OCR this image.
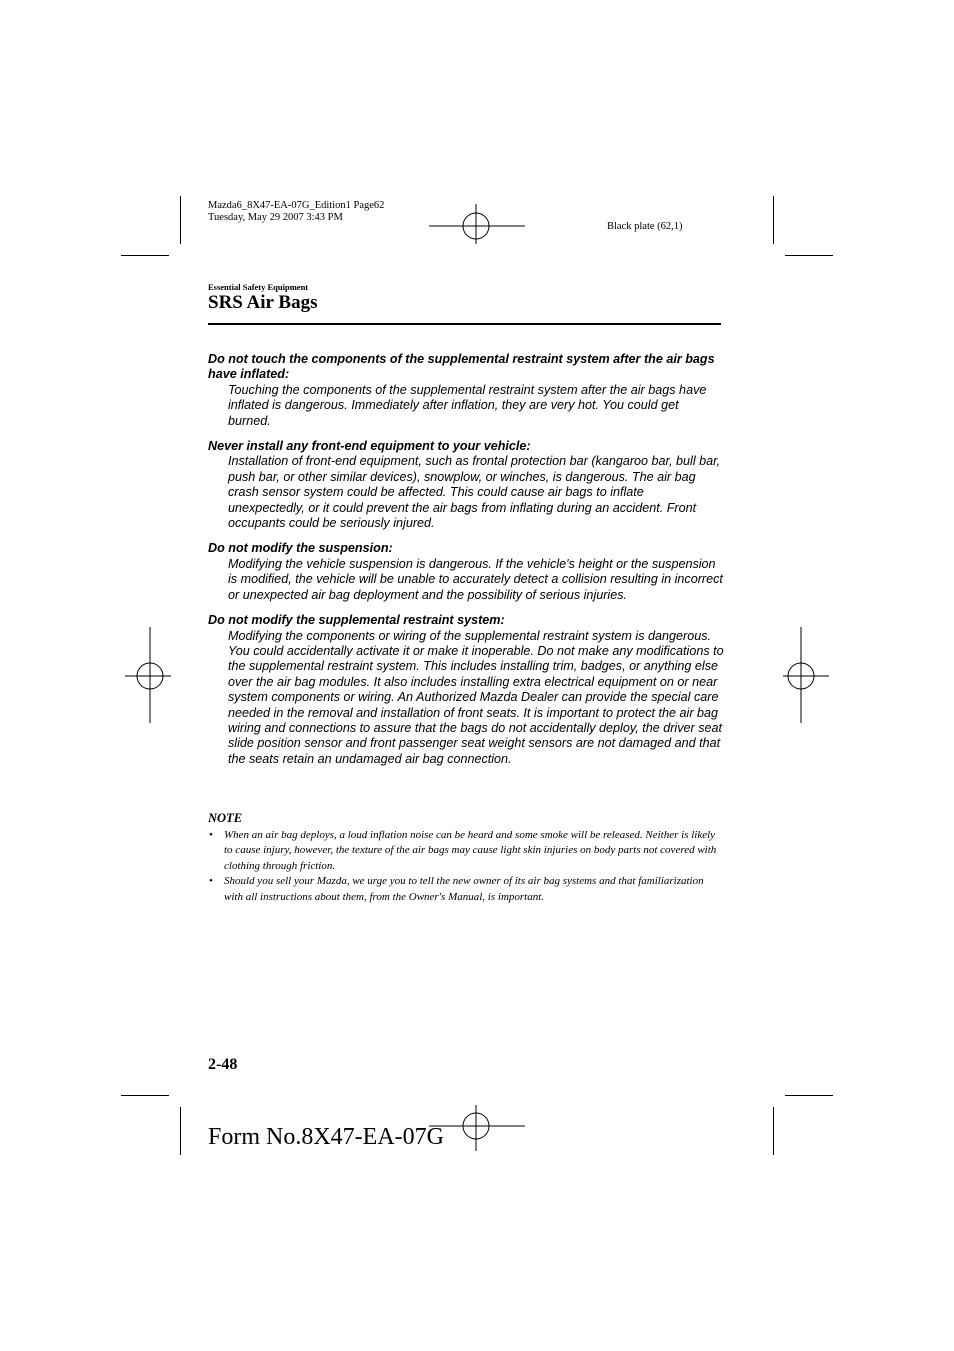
Mazda6_8X47-EA-07G_Edition1 Page62
Tuesday, May 29 2007 3:43 PM
Black plate (62,1)
Essential Safety Equipment
SRS Air Bags
Do not touch the components of the supplemental restraint system after the air bags have inflated:
Touching the components of the supplemental restraint system after the air bags have inflated is dangerous. Immediately after inflation, they are very hot. You could get burned.
Never install any front-end equipment to your vehicle:
Installation of front-end equipment, such as frontal protection bar (kangaroo bar, bull bar, push bar, or other similar devices), snowplow, or winches, is dangerous. The air bag crash sensor system could be affected. This could cause air bags to inflate unexpectedly, or it could prevent the air bags from inflating during an accident. Front occupants could be seriously injured.
Do not modify the suspension:
Modifying the vehicle suspension is dangerous. If the vehicle's height or the suspension is modified, the vehicle will be unable to accurately detect a collision resulting in incorrect or unexpected air bag deployment and the possibility of serious injuries.
Do not modify the supplemental restraint system:
Modifying the components or wiring of the supplemental restraint system is dangerous. You could accidentally activate it or make it inoperable. Do not make any modifications to the supplemental restraint system. This includes installing trim, badges, or anything else over the air bag modules. It also includes installing extra electrical equipment on or near system components or wiring. An Authorized Mazda Dealer can provide the special care needed in the removal and installation of front seats. It is important to protect the air bag wiring and connections to assure that the bags do not accidentally deploy, the driver seat slide position sensor and front passenger seat weight sensors are not damaged and that the seats retain an undamaged air bag connection.
NOTE
• When an air bag deploys, a loud inflation noise can be heard and some smoke will be released. Neither is likely to cause injury, however, the texture of the air bags may cause light skin injuries on body parts not covered with clothing through friction.
• Should you sell your Mazda, we urge you to tell the new owner of its air bag systems and that familiarization with all instructions about them, from the Owner's Manual, is important.
2-48
Form No.8X47-EA-07G
